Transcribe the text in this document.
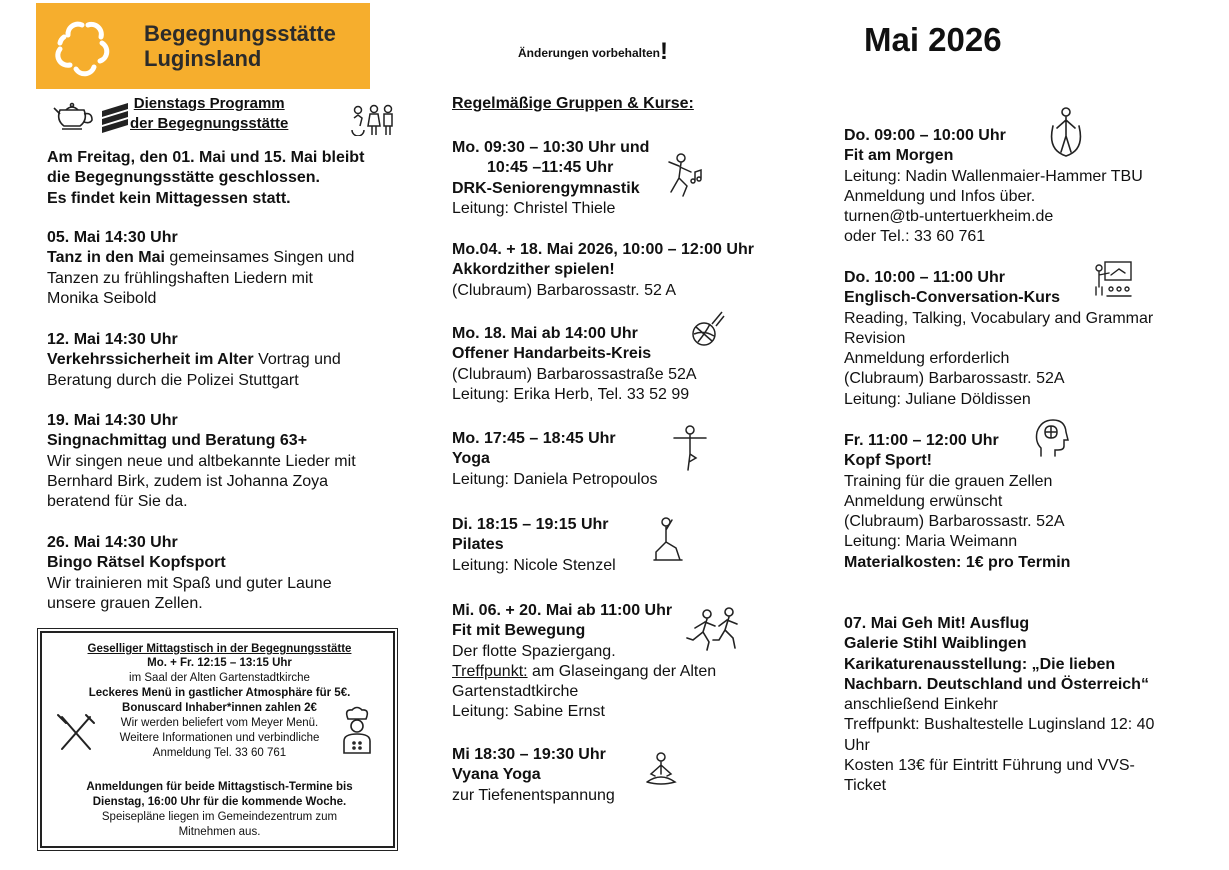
Begegnungsstätte
Luginsland	Änderungen vorbehalten!	Mai 2026
Dienstags Programm
der Begegnungsstätte
Am Freitag, den 01. Mai und 15. Mai bleibt
die Begegnungsstätte geschlossen.
Es findet kein Mittagessen statt.
05. Mai 14:30 Uhr
Tanz in den Mai gemeinsames Singen und
Tanzen zu frühlingshaften Liedern mit
Monika Seibold
12. Mai 14:30 Uhr
Verkehrssicherheit im Alter Vortrag und
Beratung durch die Polizei Stuttgart
19. Mai 14:30 Uhr
Singnachmittag und Beratung 63+
Wir singen neue und altbekannte Lieder mit
Bernhard Birk, zudem ist Johanna Zoya
beratend für Sie da.
26. Mai 14:30 Uhr
Bingo Rätsel Kopfsport
Wir trainieren mit Spaß und guter Laune
unsere grauen Zellen.
Geselliger Mittagstisch in der Begegnungsstätte
Mo. + Fr. 12:15 – 13:15 Uhr
im Saal der Alten Gartenstadtkirche
Leckeres Menü in gastlicher Atmosphäre für 5€.
Bonuscard Inhaber*innen zahlen 2€
Wir werden beliefert vom Meyer Menü.
Weitere Informationen und verbindliche
Anmeldung Tel. 33 60 761
Anmeldungen für beide Mittagstisch-Termine bis
Dienstag, 16:00 Uhr für die kommende Woche.
Speisepläne liegen im Gemeindezentrum zum
Mitnehmen aus.
Regelmäßige Gruppen & Kurse:
Mo. 09:30 – 10:30 Uhr und
10:45 –11:45 Uhr
DRK-Seniorengymnastik
Leitung: Christel Thiele
Mo.04. + 18. Mai 2026, 10:00 – 12:00 Uhr
Akkordzither spielen!
(Clubraum) Barbarossastr. 52 A
Mo. 18. Mai ab 14:00 Uhr
Offener Handarbeits-Kreis
(Clubraum) Barbarossastraße 52A
Leitung: Erika Herb, Tel. 33 52 99
Mo. 17:45 – 18:45 Uhr
Yoga
Leitung: Daniela Petropoulos
Di. 18:15 – 19:15 Uhr
Pilates
Leitung: Nicole Stenzel
Mi. 06. + 20. Mai ab 11:00 Uhr
Fit mit Bewegung
Der flotte Spaziergang.
Treffpunkt: am Glaseingang der Alten
Gartenstadtkirche
Leitung: Sabine Ernst
Mi 18:30 – 19:30 Uhr
Vyana Yoga
zur Tiefenentspannung
Do. 09:00 – 10:00 Uhr
Fit am Morgen
Leitung: Nadin Wallenmaier-Hammer TBU
Anmeldung und Infos über.
turnen@tb-untertuerkheim.de
oder Tel.: 33 60 761
Do. 10:00 – 11:00 Uhr
Englisch-Conversation-Kurs
Reading, Talking, Vocabulary and Grammar
Revision
Anmeldung erforderlich
(Clubraum) Barbarossastr. 52A
Leitung: Juliane Döldissen
Fr. 11:00 – 12:00 Uhr
Kopf Sport!
Training für die grauen Zellen
Anmeldung erwünscht
(Clubraum) Barbarossastr. 52A
Leitung: Maria Weimann
Materialkosten: 1€ pro Termin
07. Mai Geh Mit! Ausflug
Galerie Stihl Waiblingen
Karikaturenausstellung: „Die lieben
Nachbarn. Deutschland und Österreich“
anschließend Einkehr
Treffpunkt: Bushaltestelle Luginsland 12: 40
Uhr
Kosten 13€ für Eintritt Führung und VVS-
Ticket
